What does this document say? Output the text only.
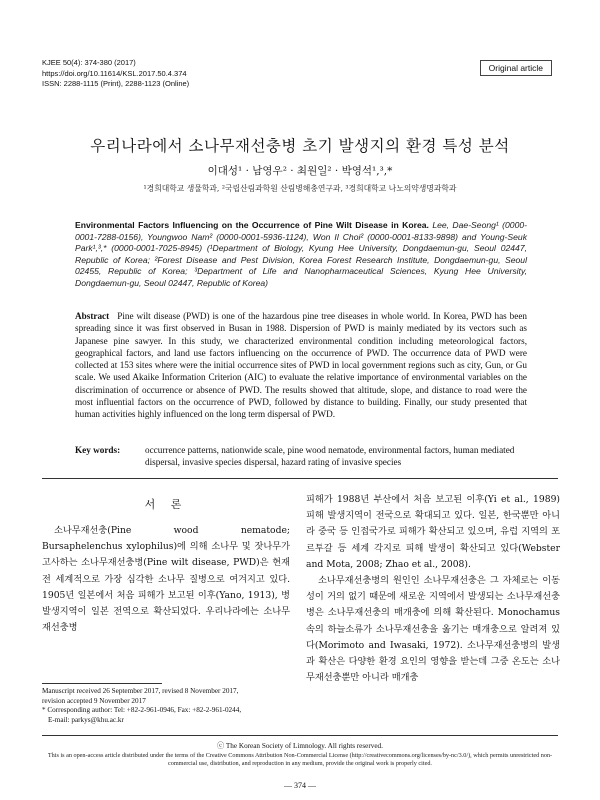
KJEE 50(4): 374-380 (2017)
https://doi.org/10.11614/KSL.2017.50.4.374
ISSN: 2288-1115 (Print), 2288-1123 (Online)
Original article
우리나라에서 소나무재선충병 초기 발생지의 환경 특성 분석
이대성¹ · 남영우² · 최원일² · 박영석¹,³,*
¹경희대학교 생물학과, ²국립산림과학원 산림병해충연구과, ³경희대학교 나노의약생명과학과
Environmental Factors Influencing on the Occurrence of Pine Wilt Disease in Korea. Lee, Dae-Seong¹ (0000-0001-7288-0156), Youngwoo Nam² (0000-0001-5936-1124), Won Il Choi² (0000-0001-8133-9898) and Young-Seuk Park¹,³,* (0000-0001-7025-8945) (¹Department of Biology, Kyung Hee University, Dongdaemun-gu, Seoul 02447, Republic of Korea; ²Forest Disease and Pest Division, Korea Forest Research Institute, Dongdaemun-gu, Seoul 02455, Republic of Korea; ³Department of Life and Nanopharmaceutical Sciences, Kyung Hee University, Dongdaemun-gu, Seoul 02447, Republic of Korea)
Abstract Pine wilt disease (PWD) is one of the hazardous pine tree diseases in whole world. In Korea, PWD has been spreading since it was first observed in Busan in 1988. Dispersion of PWD is mainly mediated by its vectors such as Japanese pine sawyer. In this study, we characterized environmental condition including meteorological factors, geographical factors, and land use factors influencing on the occurrence of PWD. The occurrence data of PWD were collected at 153 sites where were the initial occurrence sites of PWD in local government regions such as city, Gun, or Gu scale. We used Akaike Information Criterion (AIC) to evaluate the relative importance of environmental variables on the discrimination of occurrence or absence of PWD. The results showed that altitude, slope, and distance to road were the most influential factors on the occurrence of PWD, followed by distance to building. Finally, our study presented that human activities highly influenced on the long term dispersal of PWD.
Key words:	occurrence patterns, nationwide scale, pine wood nematode, environmental factors, human mediated dispersal, invasive species dispersal, hazard rating of invasive species
서 론

소나무재선충(Pine wood nematode; Bursaphelenchus xylophilus)에 의해 소나무 및 잣나무가 고사하는 소나무재선충병(Pine wilt disease, PWD)은 현재 전 세계적으로 가장 심각한 소나무 질병으로 여겨지고 있다. 1905년 일본에서 처음 피해가 보고된 이후(Yano, 1913), 병 발생지역이 일본 전역으로 확산되었다. 우리나라에는 소나무재선충병

피해가 1988년 부산에서 처음 보고된 이후(Yi et al., 1989) 피해 발생지역이 전국으로 확대되고 있다. 일본, 한국뿐만 아니라 중국 등 인접국가로 피해가 확산되고 있으며, 유럽 지역의 포르투갈 등 세계 각지로 피해 발생이 확산되고 있다(Webster and Mota, 2008; Zhao et al., 2008).

소나무재선충병의 원인인 소나무재선충은 그 자체로는 이동성이 거의 없기 때문에 새로운 지역에서 발생되는 소나무재선충병은 소나무재선충의 매개충에 의해 확산된다. Monochamus 속의 하늘소류가 소나무재선충을 옮기는 매개충으로 알려져 있다(Morimoto and Iwasaki, 1972). 소나무재선충병의 발생과 확산은 다양한 환경 요인의 영향을 받는데 그중 온도는 소나무재선충뿐만 아니라 매개충

Manuscript received 26 September 2017, revised 8 November 2017,
revision accepted 9 November 2017
* Corresponding author: Tel: +82-2-961-0946, Fax: +82-2-961-0244,
E-mail: parkys@khu.ac.kr
ⓒ The Korean Society of Limnology. All rights reserved.
This is an open-access article distributed under the terms of the Creative Commons Attribution Non-Commercial License (http://creativecommons.org/licenses/by-nc/3.0/), which permits unrestricted non-commercial use, distribution, and reproduction in any medium, provide the original work is properly cited.
— 374 —
